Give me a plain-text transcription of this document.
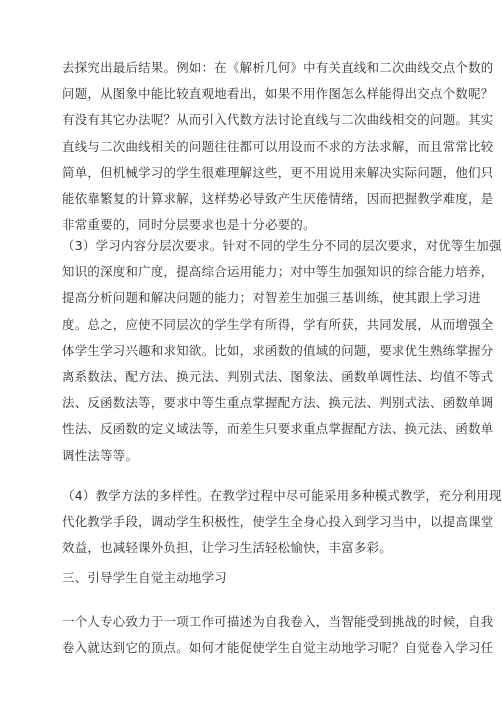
去探究出最后结果。例如：在《解析几何》中有关直线和二次曲线交点个数的
问题，从图象中能比较直观地看出，如果不用作图怎么样能得出交点个数呢？
有没有其它办法呢？从而引入代数方法讨论直线与二次曲线相交的问题。其实
直线与二次曲线相关的问题往往都可以用设而不求的方法求解，而且常常比较
简单，但机械学习的学生很难理解这些，更不用说用来解决实际问题，他们只
能依靠繁复的计算求解，这样势必导致产生厌倦情绪，因而把握教学难度，是
非常重要的，同时分层要求也是十分必要的。
（3）学习内容分层次要求。针对不同的学生分不同的层次要求，对优等生加强
知识的深度和广度，提高综合运用能力；对中等生加强知识的综合能力培养，
提高分析问题和解决问题的能力；对智差生加强三基训练，使其跟上学习进
度。总之，应使不同层次的学生学有所得，学有所获，共同发展，从而增强全
体学生学习兴趣和求知欲。比如，求函数的值域的问题，要求优生熟练掌握分
离系数法、配方法、换元法、判别式法、图象法、函数单调性法、均值不等式
法、反函数法等，要求中等生重点掌握配方法、换元法、判别式法、函数单调
性法、反函数的定义域法等，而差生只要求重点掌握配方法、换元法、函数单
调性法等等。
（4）教学方法的多样性。在教学过程中尽可能采用多种模式教学，充分利用现
代化教学手段，调动学生积极性，使学生全身心投入到学习当中，以提高课堂
效益，也减轻课外负担，让学习生活轻松愉快，丰富多彩。
三、引导学生自觉主动地学习
一个人专心致力于一项工作可描述为自我卷入，当智能受到挑战的时候，自我
卷入就达到它的顶点。如何才能促使学生自觉主动地学习呢？自觉卷入学习任
